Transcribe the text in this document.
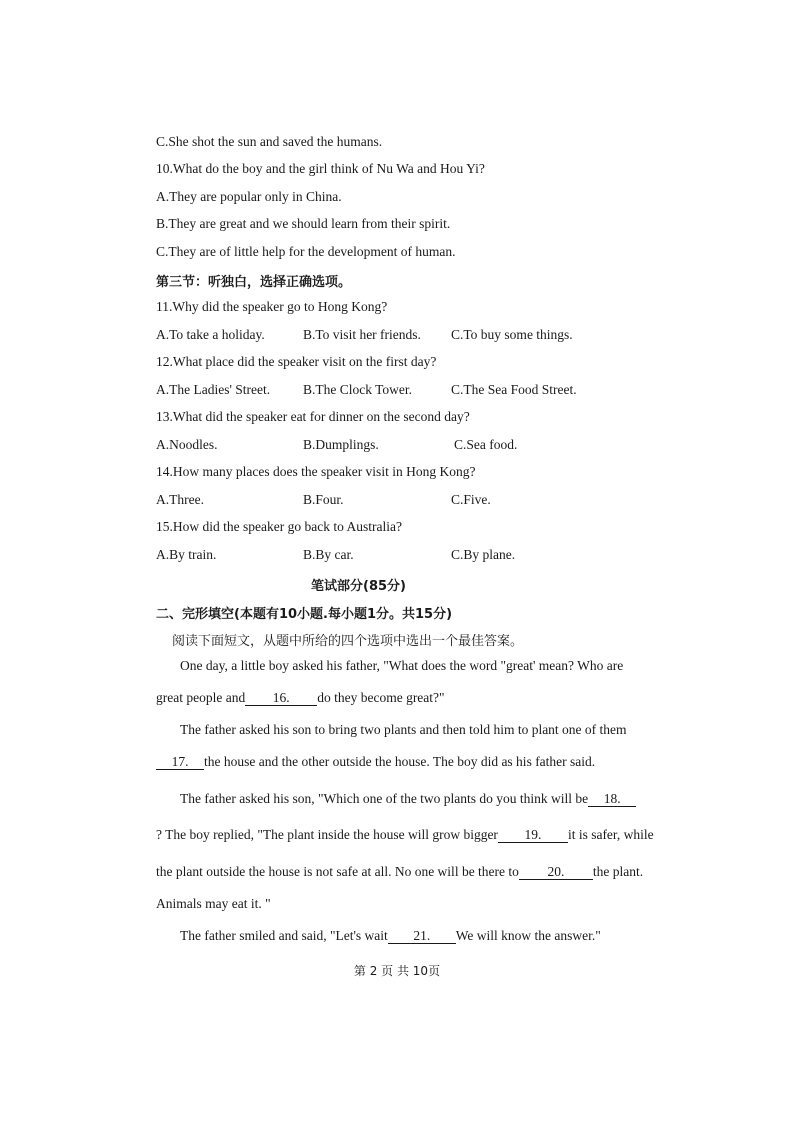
C.She shot the sun and saved the humans.
10.What do the boy and the girl think of Nu Wa and Hou Yi?
A.They are popular only in China.
B.They are great and we should learn from their spirit.
C.They are of little help for the development of human.
第三节：听独白，选择正确选项。
11.Why did the speaker go to Hong Kong?
A.To take a holiday.	B.To visit her friends. C.To buy some things.
12.What place did the speaker visit on the first day?
A.The Ladies' Street. B.The Clock Tower.	C.The Sea Food Street.
13.What did the speaker eat for dinner on the second day?
A.Noodles.	B.Dumplings.	C.Sea food.
14.How many places does the speaker visit in Hong Kong?
A.Three.	B.Four.	C.Five.
15.How did the speaker go back to Australia?
A.By train.	B.By car.	C.By plane.
笔试部分(85分)
二、完形填空(本题有10小题.每小题1分。共15分)
阅读下面短文，从题中所给的四个选项中选出一个最佳答案。
One day, a little boy asked his father, "What does the word "great' mean? Who are
great people and 16. do they become great?"
The father asked his son to bring two plants and then told him to plant one of them
17. the house and the other outside the house. The boy did as his father said.
The father asked his son, "Which one of the two plants do you think will be 18.
? The boy replied, "The plant inside the house will grow bigger 19. it is safer, while
the plant outside the house is not safe at all. No one will be there to 20. the plant.
Animals may eat it. "
The father smiled and said, "Let's wait 21. We will know the answer."
第 2 页 共 10页
